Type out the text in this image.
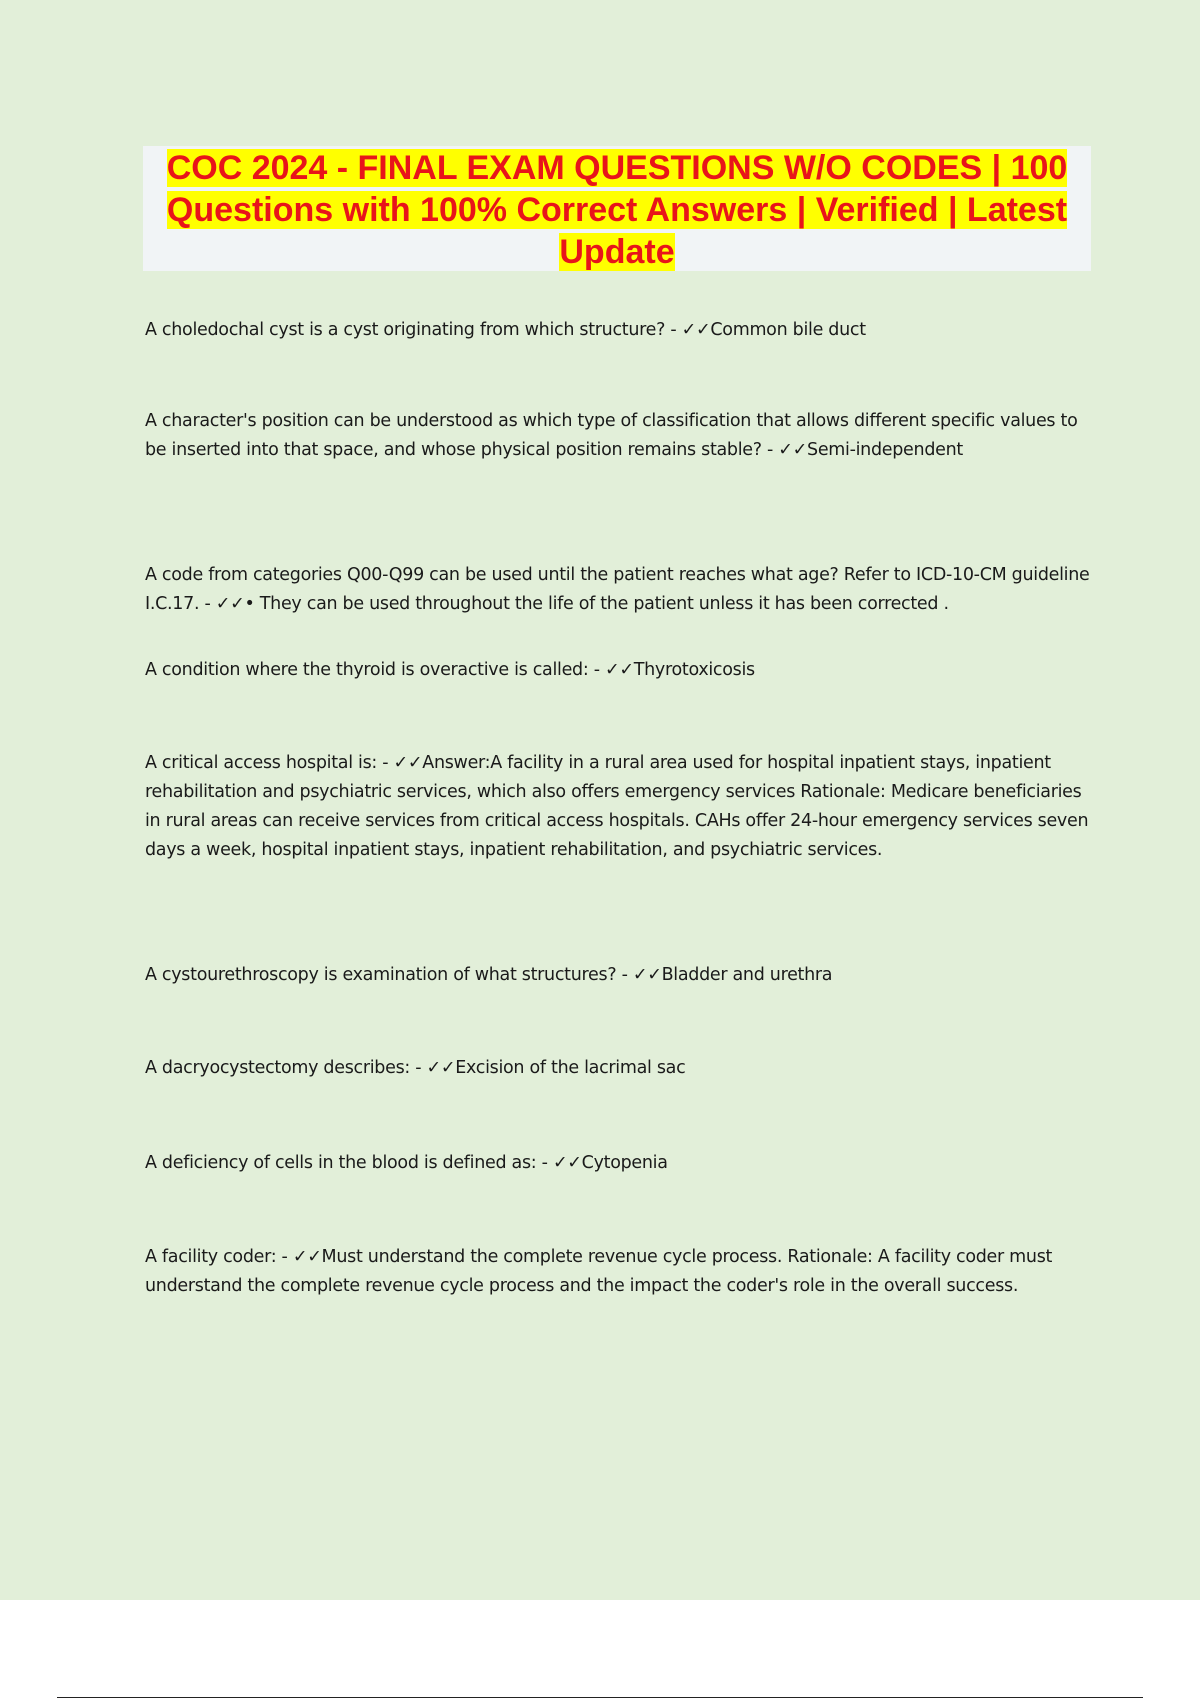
COC 2024 - FINAL EXAM QUESTIONS W/O CODES | 100 Questions with 100% Correct Answers | Verified | Latest Update

A choledochal cyst is a cyst originating from which structure? - ✓✓Common bile duct

A character's position can be understood as which type of classification that allows different specific values to be inserted into that space, and whose physical position remains stable? - ✓✓Semi-independent

A code from categories Q00-Q99 can be used until the patient reaches what age? Refer to ICD-10-CM guideline I.C.17. - ✓✓• They can be used throughout the life of the patient unless it has been corrected .

A condition where the thyroid is overactive is called: - ✓✓Thyrotoxicosis

A critical access hospital is: - ✓✓Answer:A facility in a rural area used for hospital inpatient stays, inpatient rehabilitation and psychiatric services, which also offers emergency services Rationale: Medicare beneficiaries in rural areas can receive services from critical access hospitals. CAHs offer 24-hour emergency services seven days a week, hospital inpatient stays, inpatient rehabilitation, and psychiatric services.

A cystourethroscopy is examination of what structures? - ✓✓Bladder and urethra

A dacryocystectomy describes: - ✓✓Excision of the lacrimal sac

A deficiency of cells in the blood is defined as: - ✓✓Cytopenia

A facility coder: - ✓✓Must understand the complete revenue cycle process. Rationale: A facility coder must understand the complete revenue cycle process and the impact the coder's role in the overall success.
